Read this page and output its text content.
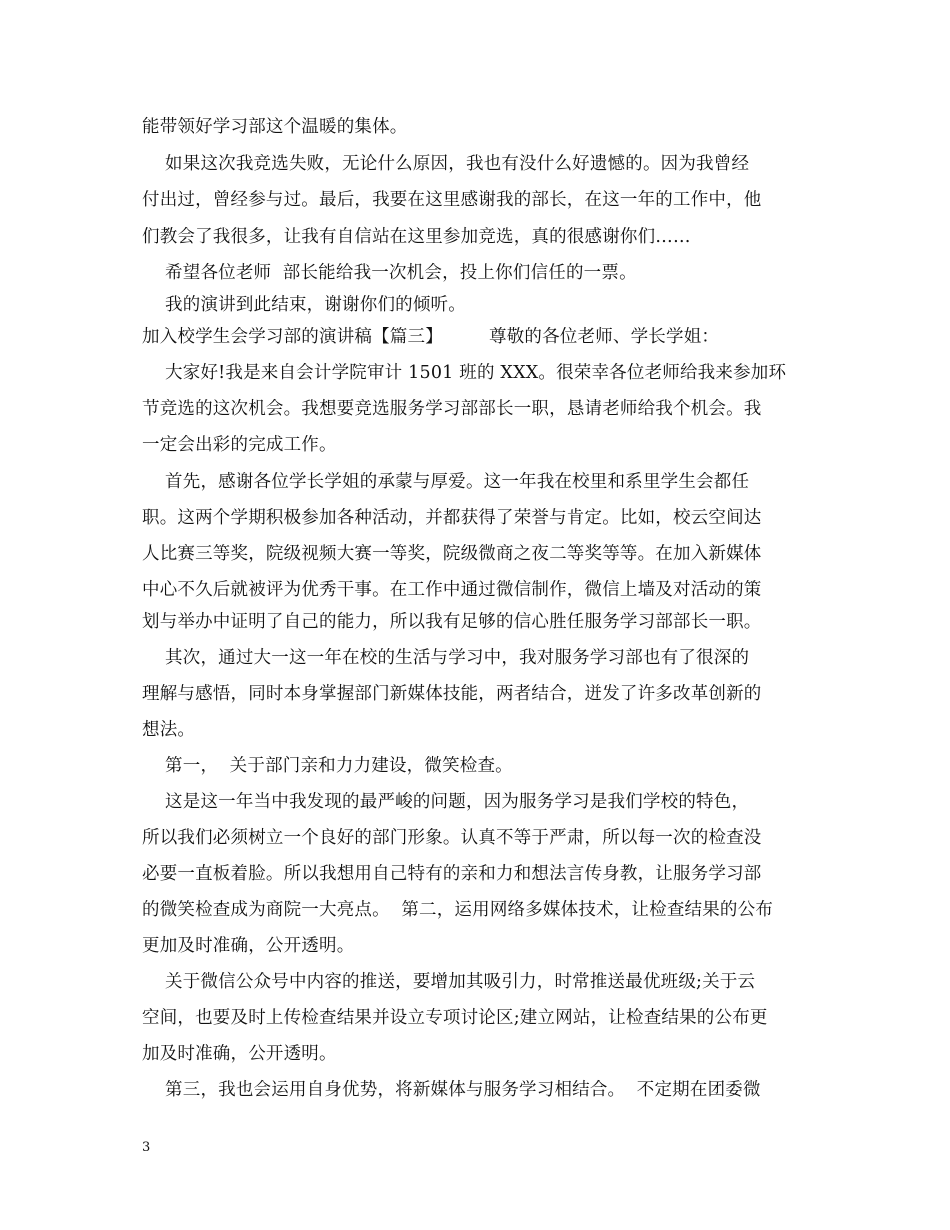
能带领好学习部这个温暖的集体。
如果这次我竞选失败，无论什么原因，我也有没什么好遗憾的。因为我曾经
付出过，曾经参与过。最后，我要在这里感谢我的部长，在这一年的工作中，他
们教会了我很多，让我有自信站在这里参加竞选，真的很感谢你们……
希望各位老师  部长能给我一次机会，投上你们信任的一票。
我的演讲到此结束，谢谢你们的倾听。
加入校学生会学习部的演讲稿【篇三】        尊敬的各位老师、学长学姐：
大家好!我是来自会计学院审计 1501 班的 XXX。很荣幸各位老师给我来参加环
节竞选的这次机会。我想要竞选服务学习部部长一职，恳请老师给我个机会。我
一定会出彩的完成工作。
首先，感谢各位学长学姐的承蒙与厚爱。这一年我在校里和系里学生会都任
职。这两个学期积极参加各种活动，并都获得了荣誉与肯定。比如，校云空间达
人比赛三等奖，院级视频大赛一等奖，院级微商之夜二等奖等等。在加入新媒体
中心不久后就被评为优秀干事。在工作中通过微信制作，微信上墙及对活动的策
划与举办中证明了自己的能力，所以我有足够的信心胜任服务学习部部长一职。
其次，通过大一这一年在校的生活与学习中，我对服务学习部也有了很深的
理解与感悟，同时本身掌握部门新媒体技能，两者结合，迸发了许多改革创新的
想法。
第一，  关于部门亲和力力建设，微笑检查。
这是这一年当中我发现的最严峻的问题，因为服务学习是我们学校的特色，
所以我们必须树立一个良好的部门形象。认真不等于严肃，所以每一次的检查没
必要一直板着脸。所以我想用自己特有的亲和力和想法言传身教，让服务学习部
的微笑检查成为商院一大亮点。  第二，运用网络多媒体技术，让检查结果的公布
更加及时准确，公开透明。
关于微信公众号中内容的推送，要增加其吸引力，时常推送最优班级;关于云
空间，也要及时上传检查结果并设立专项讨论区;建立网站，让检查结果的公布更
加及时准确，公开透明。
第三，我也会运用自身优势，将新媒体与服务学习相结合。  不定期在团委微
3
